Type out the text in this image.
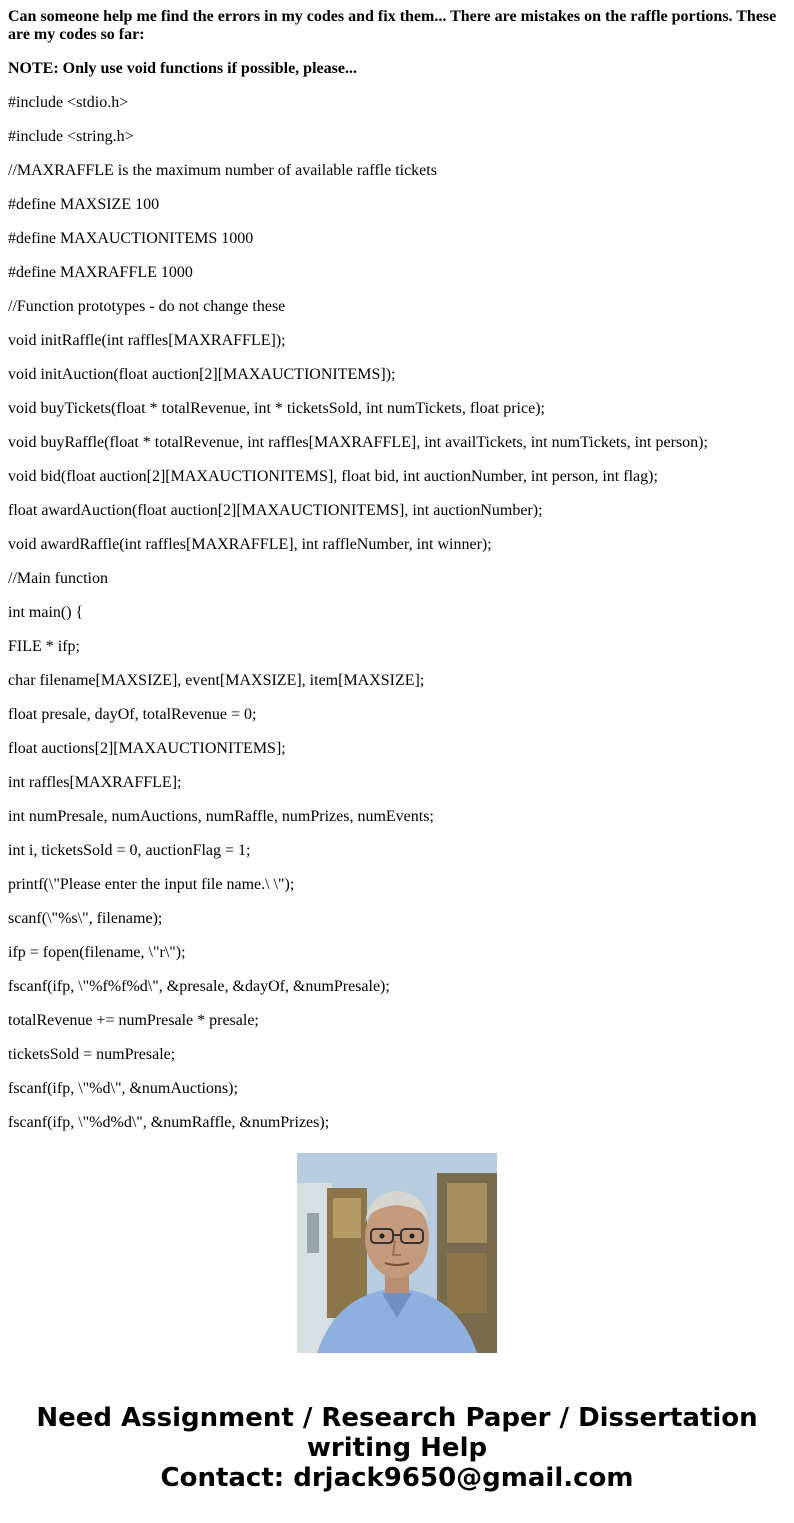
Can someone help me find the errors in my codes and fix them... There are mistakes on the raffle portions. These are my codes so far:

NOTE: Only use void functions if possible, please...

#include <stdio.h>

#include <string.h>

//MAXRAFFLE is the maximum number of available raffle tickets

#define MAXSIZE 100

#define MAXAUCTIONITEMS 1000

#define MAXRAFFLE 1000

//Function prototypes - do not change these

void initRaffle(int raffles[MAXRAFFLE]);

void initAuction(float auction[2][MAXAUCTIONITEMS]);

void buyTickets(float * totalRevenue, int * ticketsSold, int numTickets, float price);

void buyRaffle(float * totalRevenue, int raffles[MAXRAFFLE], int availTickets, int numTickets, int person);

void bid(float auction[2][MAXAUCTIONITEMS], float bid, int auctionNumber, int person, int flag);

float awardAuction(float auction[2][MAXAUCTIONITEMS], int auctionNumber);

void awardRaffle(int raffles[MAXRAFFLE], int raffleNumber, int winner);

//Main function

int main() {

FILE * ifp;

char filename[MAXSIZE], event[MAXSIZE], item[MAXSIZE];

float presale, dayOf, totalRevenue = 0;

float auctions[2][MAXAUCTIONITEMS];

int raffles[MAXRAFFLE];

int numPresale, numAuctions, numRaffle, numPrizes, numEvents;

int i, ticketsSold = 0, auctionFlag = 1;

printf(\"Please enter the input file name.\ \");

scanf(\"%s\", filename);

ifp = fopen(filename, \"r\");

fscanf(ifp, \"%f%f%d\", &presale, &dayOf, &numPresale);

totalRevenue += numPresale * presale;

ticketsSold = numPresale;

fscanf(ifp, \"%d\", &numAuctions);

fscanf(ifp, \"%d%d\", &numRaffle, &numPrizes);

Need Assignment / Research Paper / Dissertation
writing Help
Contact: drjack9650@gmail.com
